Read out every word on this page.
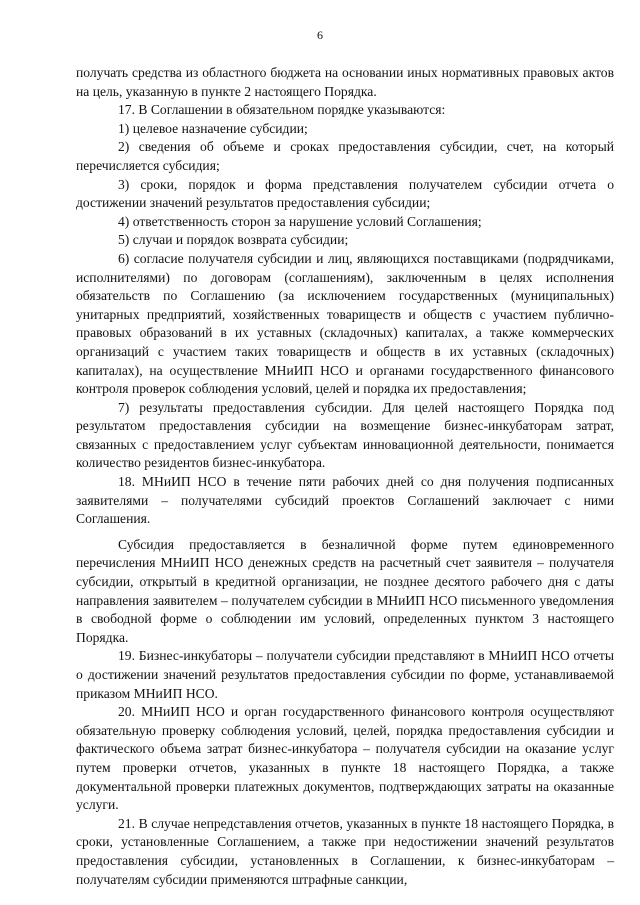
6

получать средства из областного бюджета на основании иных нормативных правовых актов на цель, указанную в пункте 2 настоящего Порядка.

17. В Соглашении в обязательном порядке указываются:

1) целевое назначение субсидии;

2) сведения об объеме и сроках предоставления субсидии, счет, на который перечисляется субсидия;

3) сроки, порядок и форма представления получателем субсидии отчета о достижении значений результатов предоставления субсидии;

4) ответственность сторон за нарушение условий Соглашения;

5) случаи и порядок возврата субсидии;

6) согласие получателя субсидии и лиц, являющихся поставщиками (подрядчиками, исполнителями) по договорам (соглашениям), заключенным в целях исполнения обязательств по Соглашению (за исключением государственных (муниципальных) унитарных предприятий, хозяйственных товариществ и обществ с участием публично-правовых образований в их уставных (складочных) капиталах, а также коммерческих организаций с участием таких товариществ и обществ в их уставных (складочных) капиталах), на осуществление МНиИП НСО и органами государственного финансового контроля проверок соблюдения условий, целей и порядка их предоставления;

7) результаты предоставления субсидии. Для целей настоящего Порядка под результатом предоставления субсидии на возмещение бизнес-инкубаторам затрат, связанных с предоставлением услуг субъектам инновационной деятельности, понимается количество резидентов бизнес-инкубатора.

18. МНиИП НСО в течение пяти рабочих дней со дня получения подписанных заявителями – получателями субсидий проектов Соглашений заключает с ними Соглашения.

Субсидия предоставляется в безналичной форме путем единовременного перечисления МНиИП НСО денежных средств на расчетный счет заявителя – получателя субсидии, открытый в кредитной организации, не позднее десятого рабочего дня с даты направления заявителем – получателем субсидии в МНиИП НСО письменного уведомления в свободной форме о соблюдении им условий, определенных пунктом 3 настоящего Порядка.

19. Бизнес-инкубаторы – получатели субсидии представляют в МНиИП НСО отчеты о достижении значений результатов предоставления субсидии по форме, устанавливаемой приказом МНиИП НСО.

20. МНиИП НСО и орган государственного финансового контроля осуществляют обязательную проверку соблюдения условий, целей, порядка предоставления субсидии и фактического объема затрат бизнес-инкубатора – получателя субсидии на оказание услуг путем проверки отчетов, указанных в пункте 18 настоящего Порядка, а также документальной проверки платежных документов, подтверждающих затраты на оказанные услуги.

21. В случае непредставления отчетов, указанных в пункте 18 настоящего Порядка, в сроки, установленные Соглашением, а также при недостижении значений результатов предоставления субсидии, установленных в Соглашении, к бизнес-инкубаторам – получателям субсидии применяются штрафные санкции,
